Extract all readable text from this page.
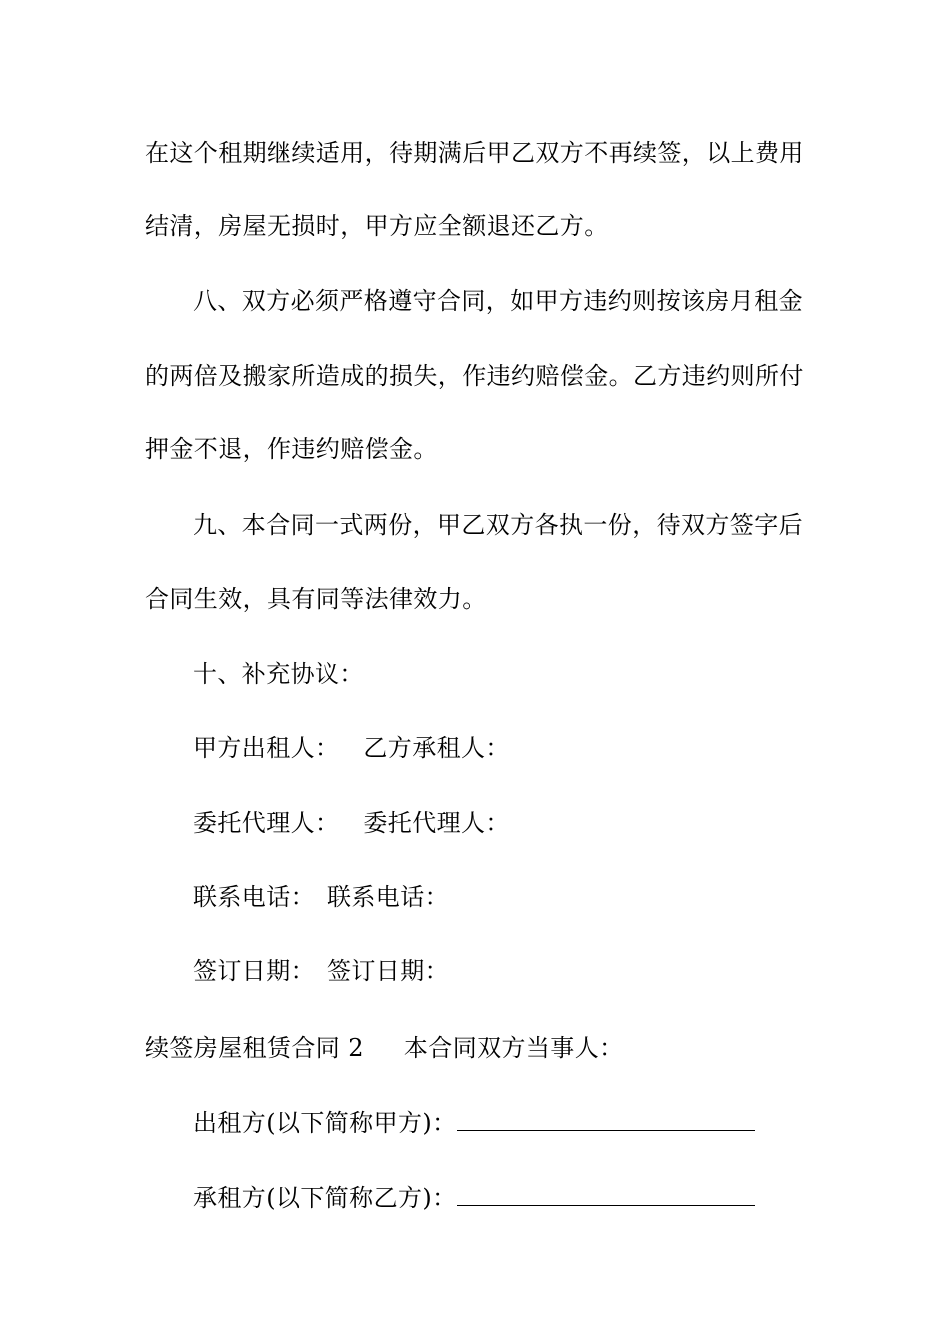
在这个租期继续适用，待期满后甲乙双方不再续签，以上费用
结清，房屋无损时，甲方应全额退还乙方。
八、双方必须严格遵守合同，如甲方违约则按该房月租金
的两倍及搬家所造成的损失，作违约赔偿金。乙方违约则所付
押金不退，作违约赔偿金。
九、本合同一式两份，甲乙双方各执一份，待双方签字后
合同生效，具有同等法律效力。
十、补充协议：
甲方出租人： 乙方承租人：
委托代理人： 委托代理人：
联系电话： 联系电话：
签订日期： 签订日期：
续签房屋租赁合同 2 本合同双方当事人：
出租方(以下简称甲方)：
承租方(以下简称乙方)：
